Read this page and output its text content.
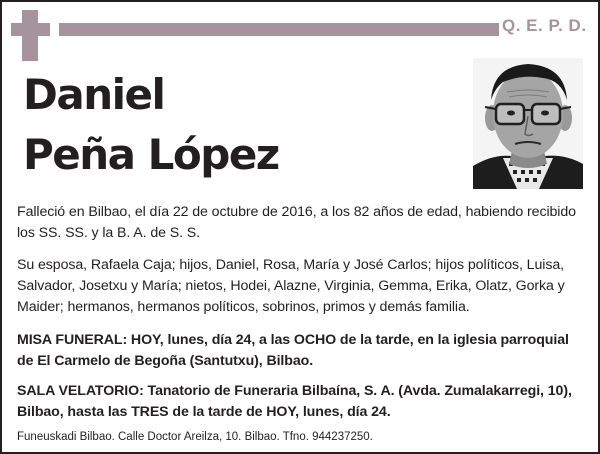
Q. E. P. D.
Daniel
Peña López
Falleció en Bilbao, el día 22 de octubre de 2016, a los 82 años de edad, habiendo recibido los SS. SS. y la B. A. de S. S.
Su esposa, Rafaela Caja; hijos, Daniel, Rosa, María y José Carlos; hijos políticos, Luisa, Salvador, Josetxu y María; nietos, Hodei, Alazne, Virginia, Gemma, Erika, Olatz, Gorka y Maider; hermanos, hermanos políticos, sobrinos, primos y demás familia.
MISA FUNERAL: HOY, lunes, día 24, a las OCHO de la tarde, en la iglesia parroquial de El Carmelo de Begoña (Santutxu), Bilbao.
SALA VELATORIO: Tanatorio de Funeraria Bilbaína, S. A. (Avda. Zumalakarregi, 10), Bilbao, hasta las TRES de la tarde de HOY, lunes, día 24.
Funeuskadi Bilbao. Calle Doctor Areilza, 10. Bilbao. Tfno. 944237250.
